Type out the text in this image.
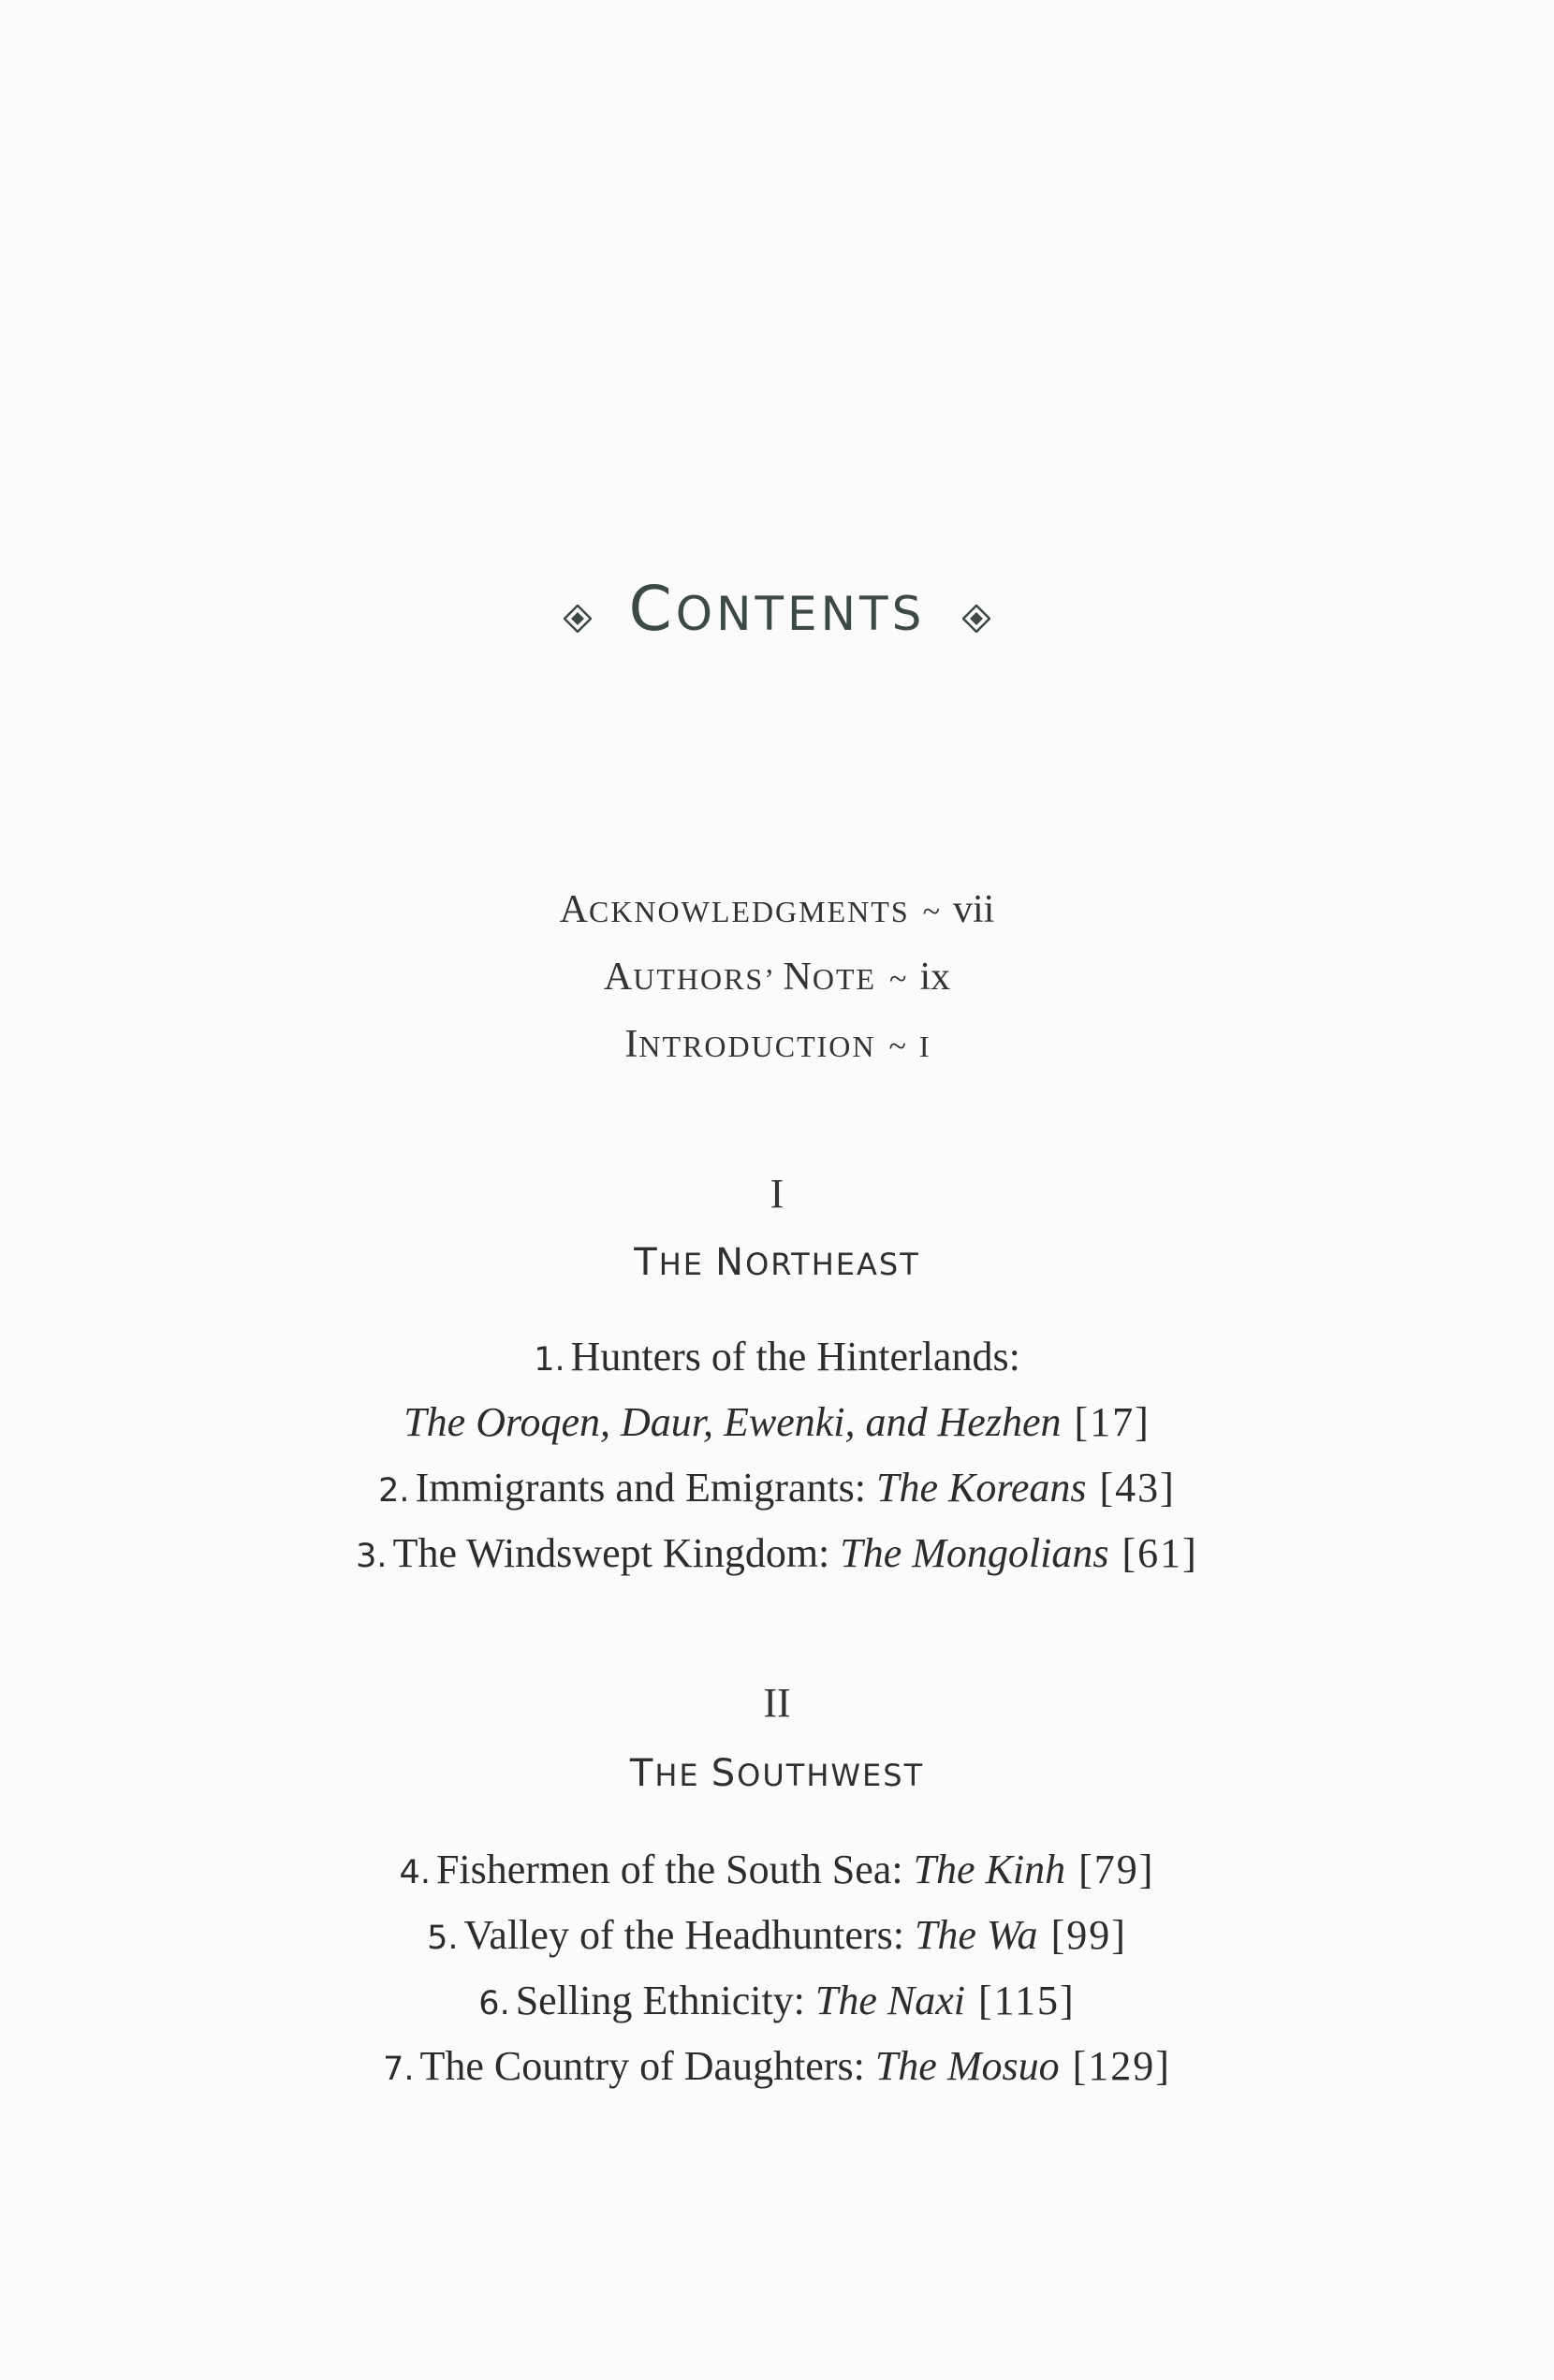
CONTENTS
ACKNOWLEDGMENTS ~ vii
AUTHORS’ NOTE ~ ix
INTRODUCTION ~ I
I
THE NORTHEAST
1. Hunters of the Hinterlands:
The Oroqen, Daur, Ewenki, and Hezhen [17]
2. Immigrants and Emigrants: The Koreans [43]
3. The Windswept Kingdom: The Mongolians [61]
II
THE SOUTHWEST
4. Fishermen of the South Sea: The Kinh [79]
5. Valley of the Headhunters: The Wa [99]
6. Selling Ethnicity: The Naxi [115]
7. The Country of Daughters: The Mosuo [129]
